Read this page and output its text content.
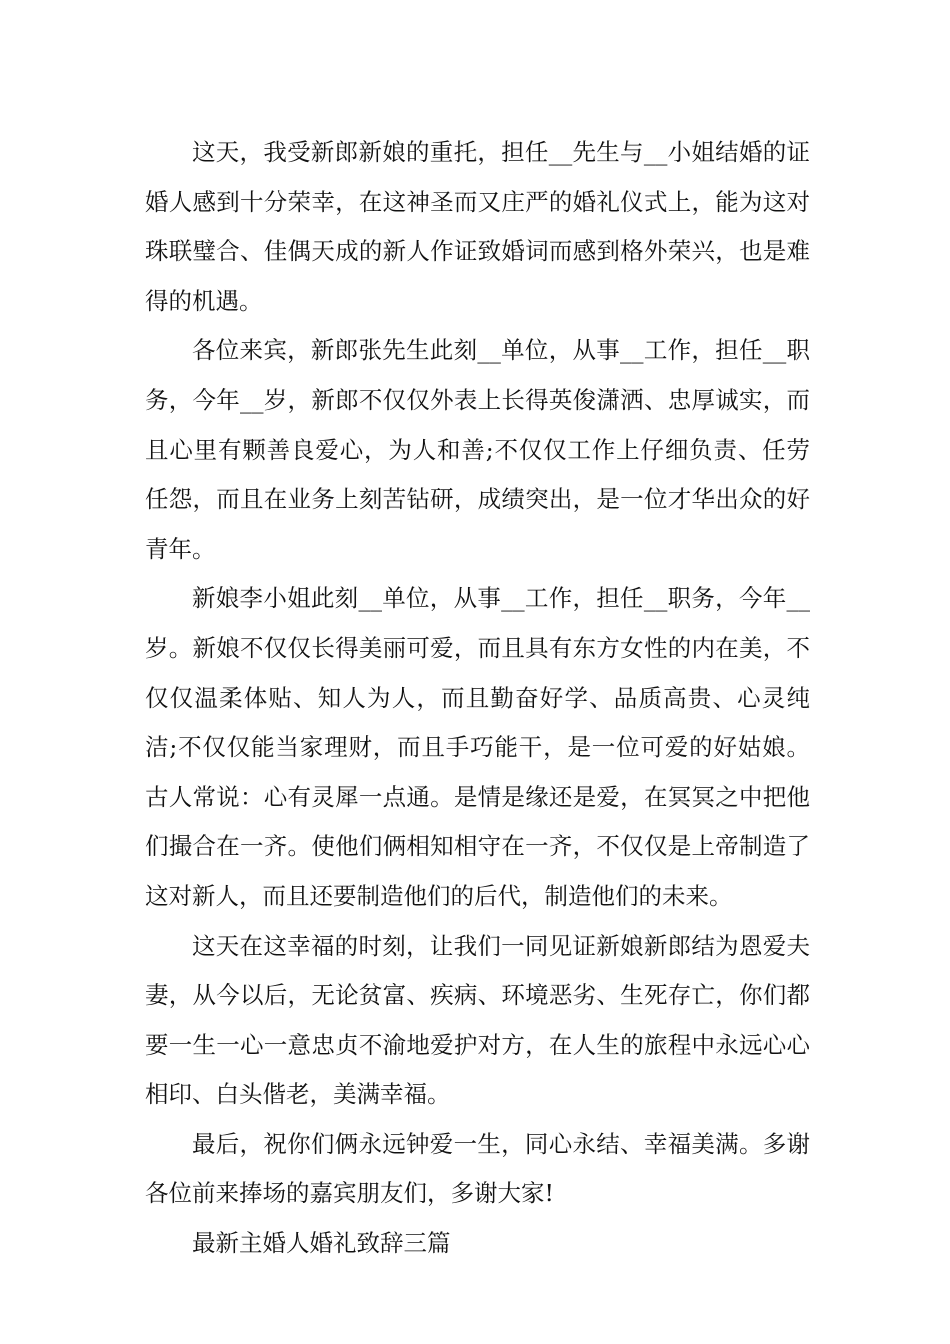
这天，我受新郎新娘的重托，担任__先生与__小姐结婚的证婚人感到十分荣幸，在这神圣而又庄严的婚礼仪式上，能为这对珠联璧合、佳偶天成的新人作证致婚词而感到格外荣兴，也是难得的机遇。

各位来宾，新郎张先生此刻__单位，从事__工作，担任__职务，今年__岁，新郎不仅仅外表上长得英俊潇洒、忠厚诚实，而且心里有颗善良爱心，为人和善;不仅仅工作上仔细负责、任劳任怨，而且在业务上刻苦钻研，成绩突出，是一位才华出众的好青年。

新娘李小姐此刻__单位，从事__工作，担任__职务，今年__岁。新娘不仅仅长得美丽可爱，而且具有东方女性的内在美，不仅仅温柔体贴、知人为人，而且勤奋好学、品质高贵、心灵纯洁;不仅仅能当家理财，而且手巧能干，是一位可爱的好姑娘。古人常说：心有灵犀一点通。是情是缘还是爱，在冥冥之中把他们撮合在一齐。使他们俩相知相守在一齐，不仅仅是上帝制造了这对新人，而且还要制造他们的后代，制造他们的未来。

这天在这幸福的时刻，让我们一同见证新娘新郎结为恩爱夫妻，从今以后，无论贫富、疾病、环境恶劣、生死存亡，你们都要一生一心一意忠贞不渝地爱护对方，在人生的旅程中永远心心相印、白头偕老，美满幸福。

最后，祝你们俩永远钟爱一生，同心永结、幸福美满。多谢各位前来捧场的嘉宾朋友们，多谢大家!

最新主婚人婚礼致辞三篇
